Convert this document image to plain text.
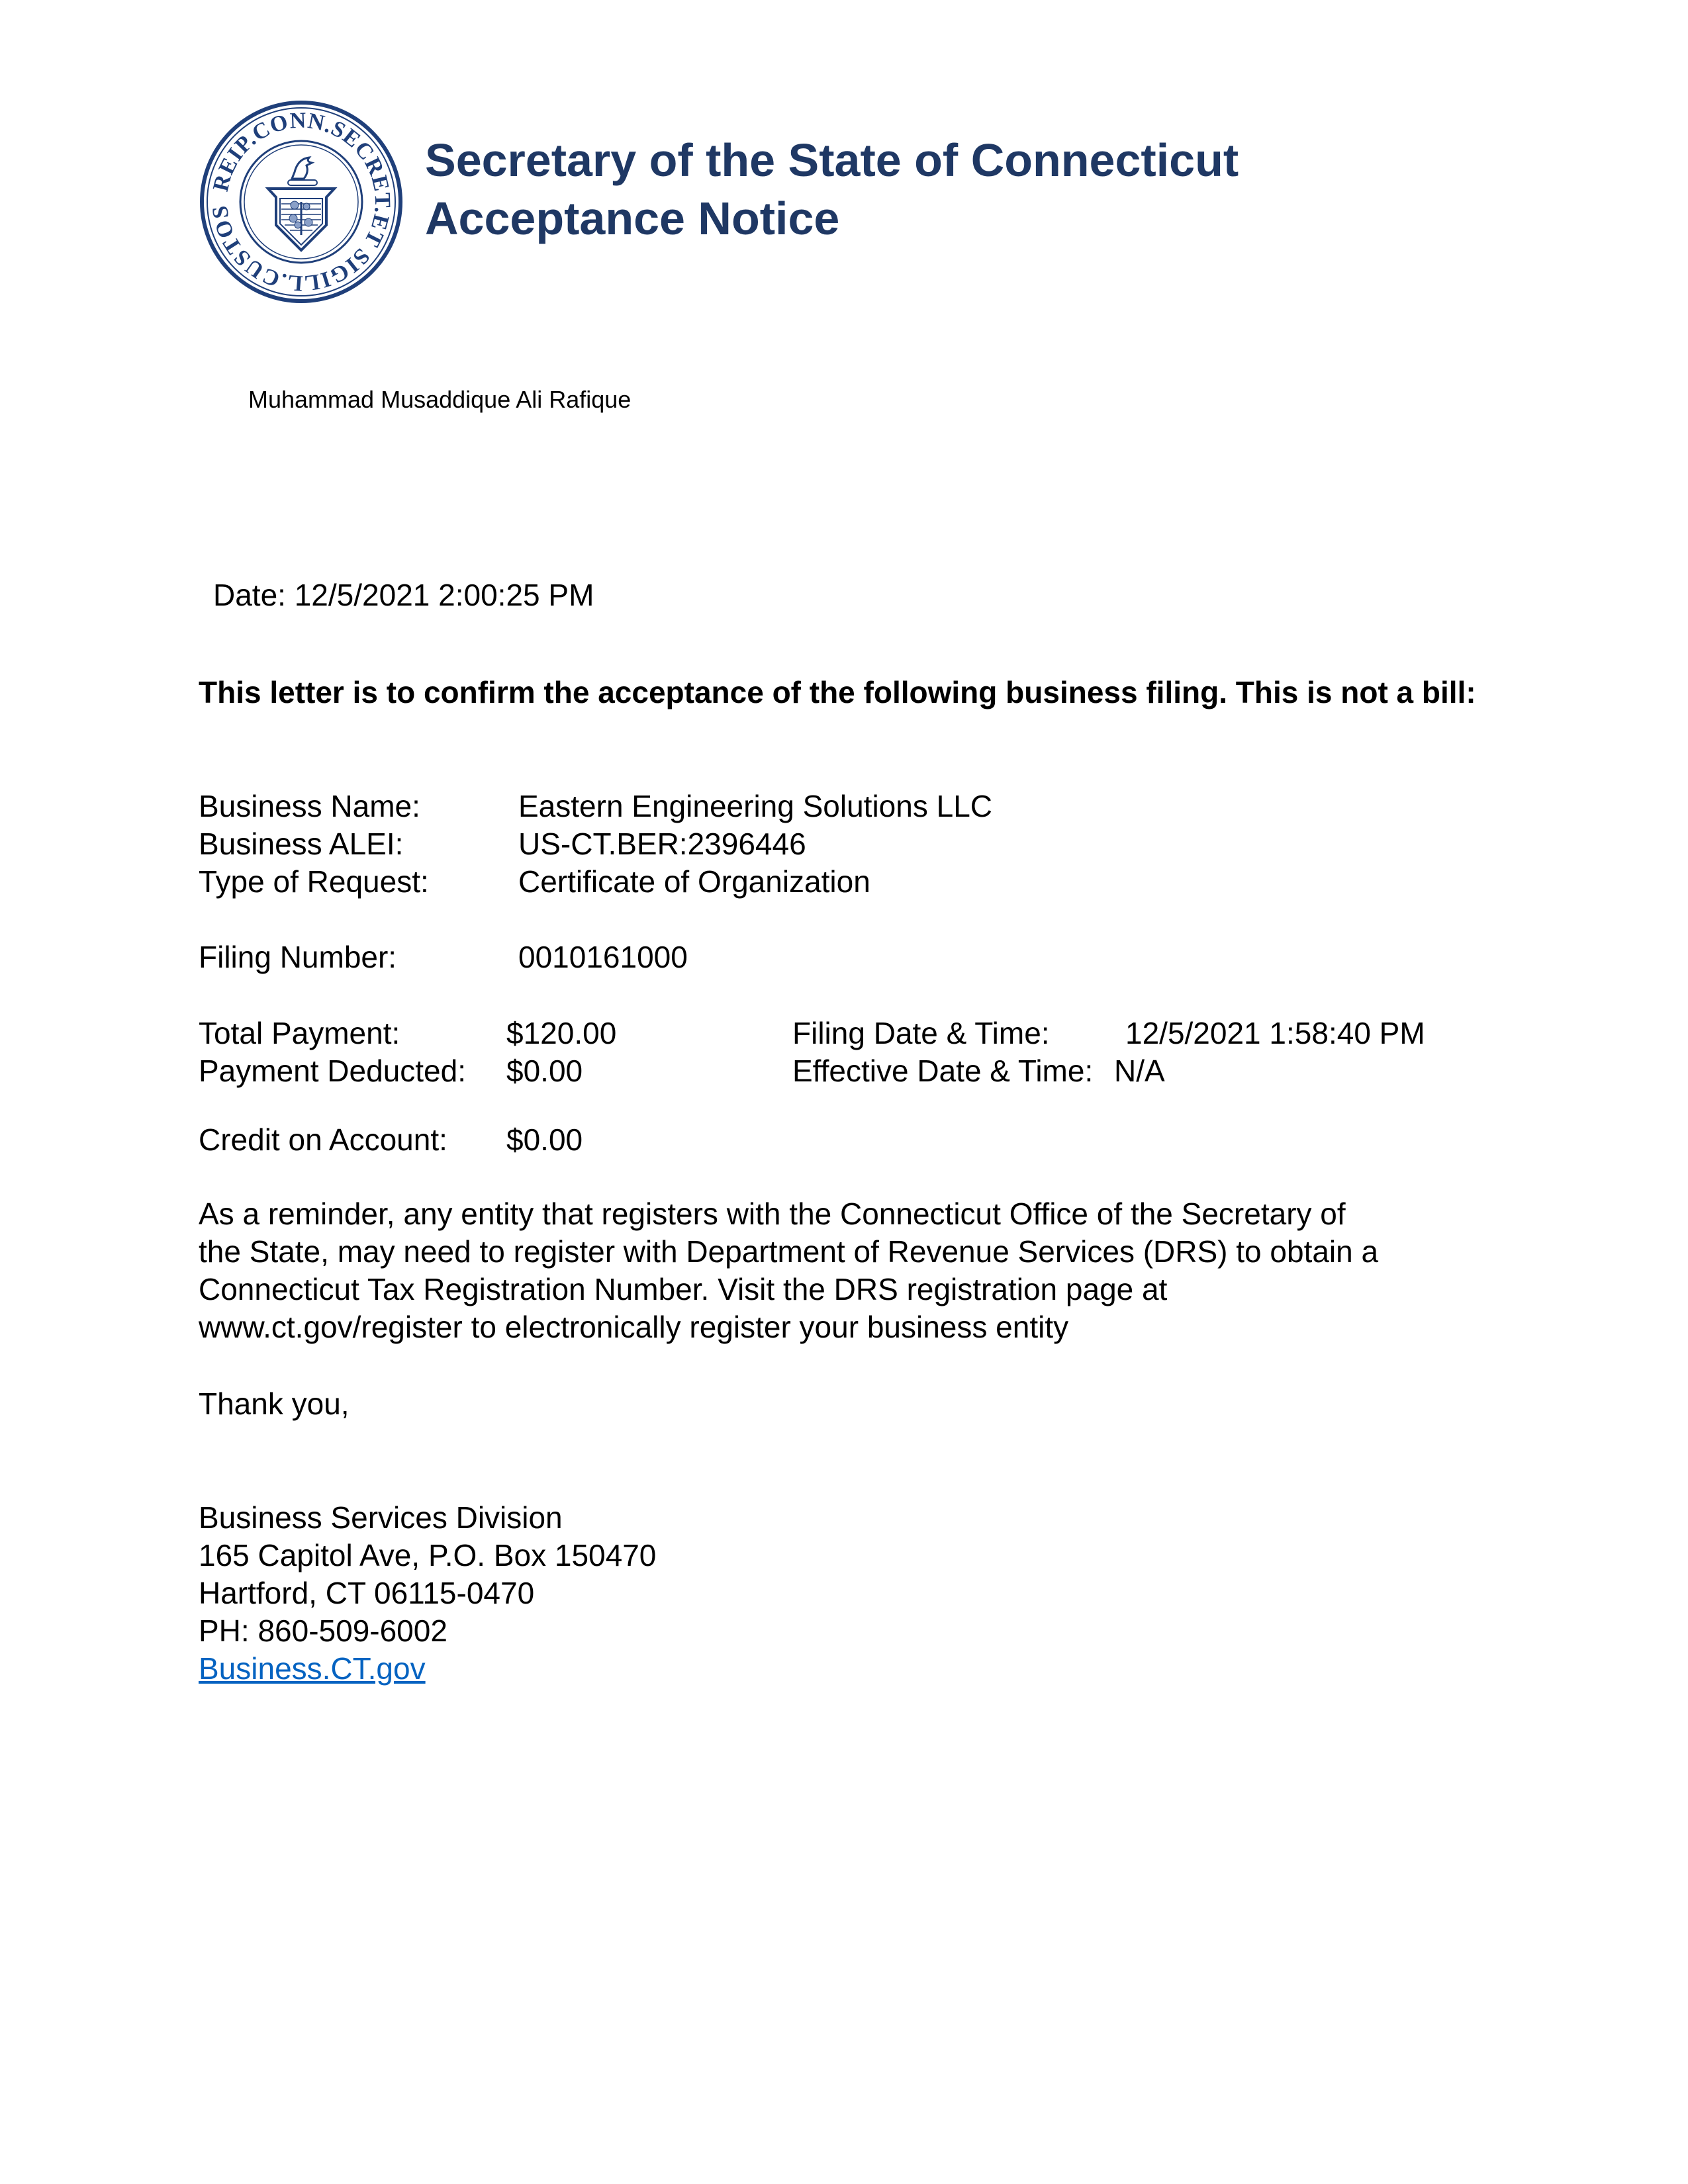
REIP.CONN.SECRET.ET SIGILL.CUSTOS
Secretary of the State of Connecticut
Acceptance Notice
Muhammad Musaddique Ali Rafique
Date: 12/5/2021 2:00:25 PM
This letter is to confirm the acceptance of the following business filing. This is not a bill:
Business Name:	Eastern Engineering Solutions LLC
Business ALEI:	US-CT.BER:2396446
Type of Request:	Certificate of Organization
Filing Number:	0010161000
Total Payment:	$120.00	Filing Date & Time: 12/5/2021 1:58:40 PM
Payment Deducted: $0.00	Effective Date & Time: N/A
Credit on Account: $0.00

As a reminder, any entity that registers with the Connecticut Office of the Secretary of

the State, may need to register with Department of Revenue Services (DRS) to obtain a

Connecticut Tax Registration Number. Visit the DRS registration page at

www.ct.gov/register to electronically register your business entity

Thank you,
Business Services Division
165 Capitol Ave, P.O. Box 150470
Hartford, CT 06115-0470
PH: 860-509-6002
Business.CT.gov
